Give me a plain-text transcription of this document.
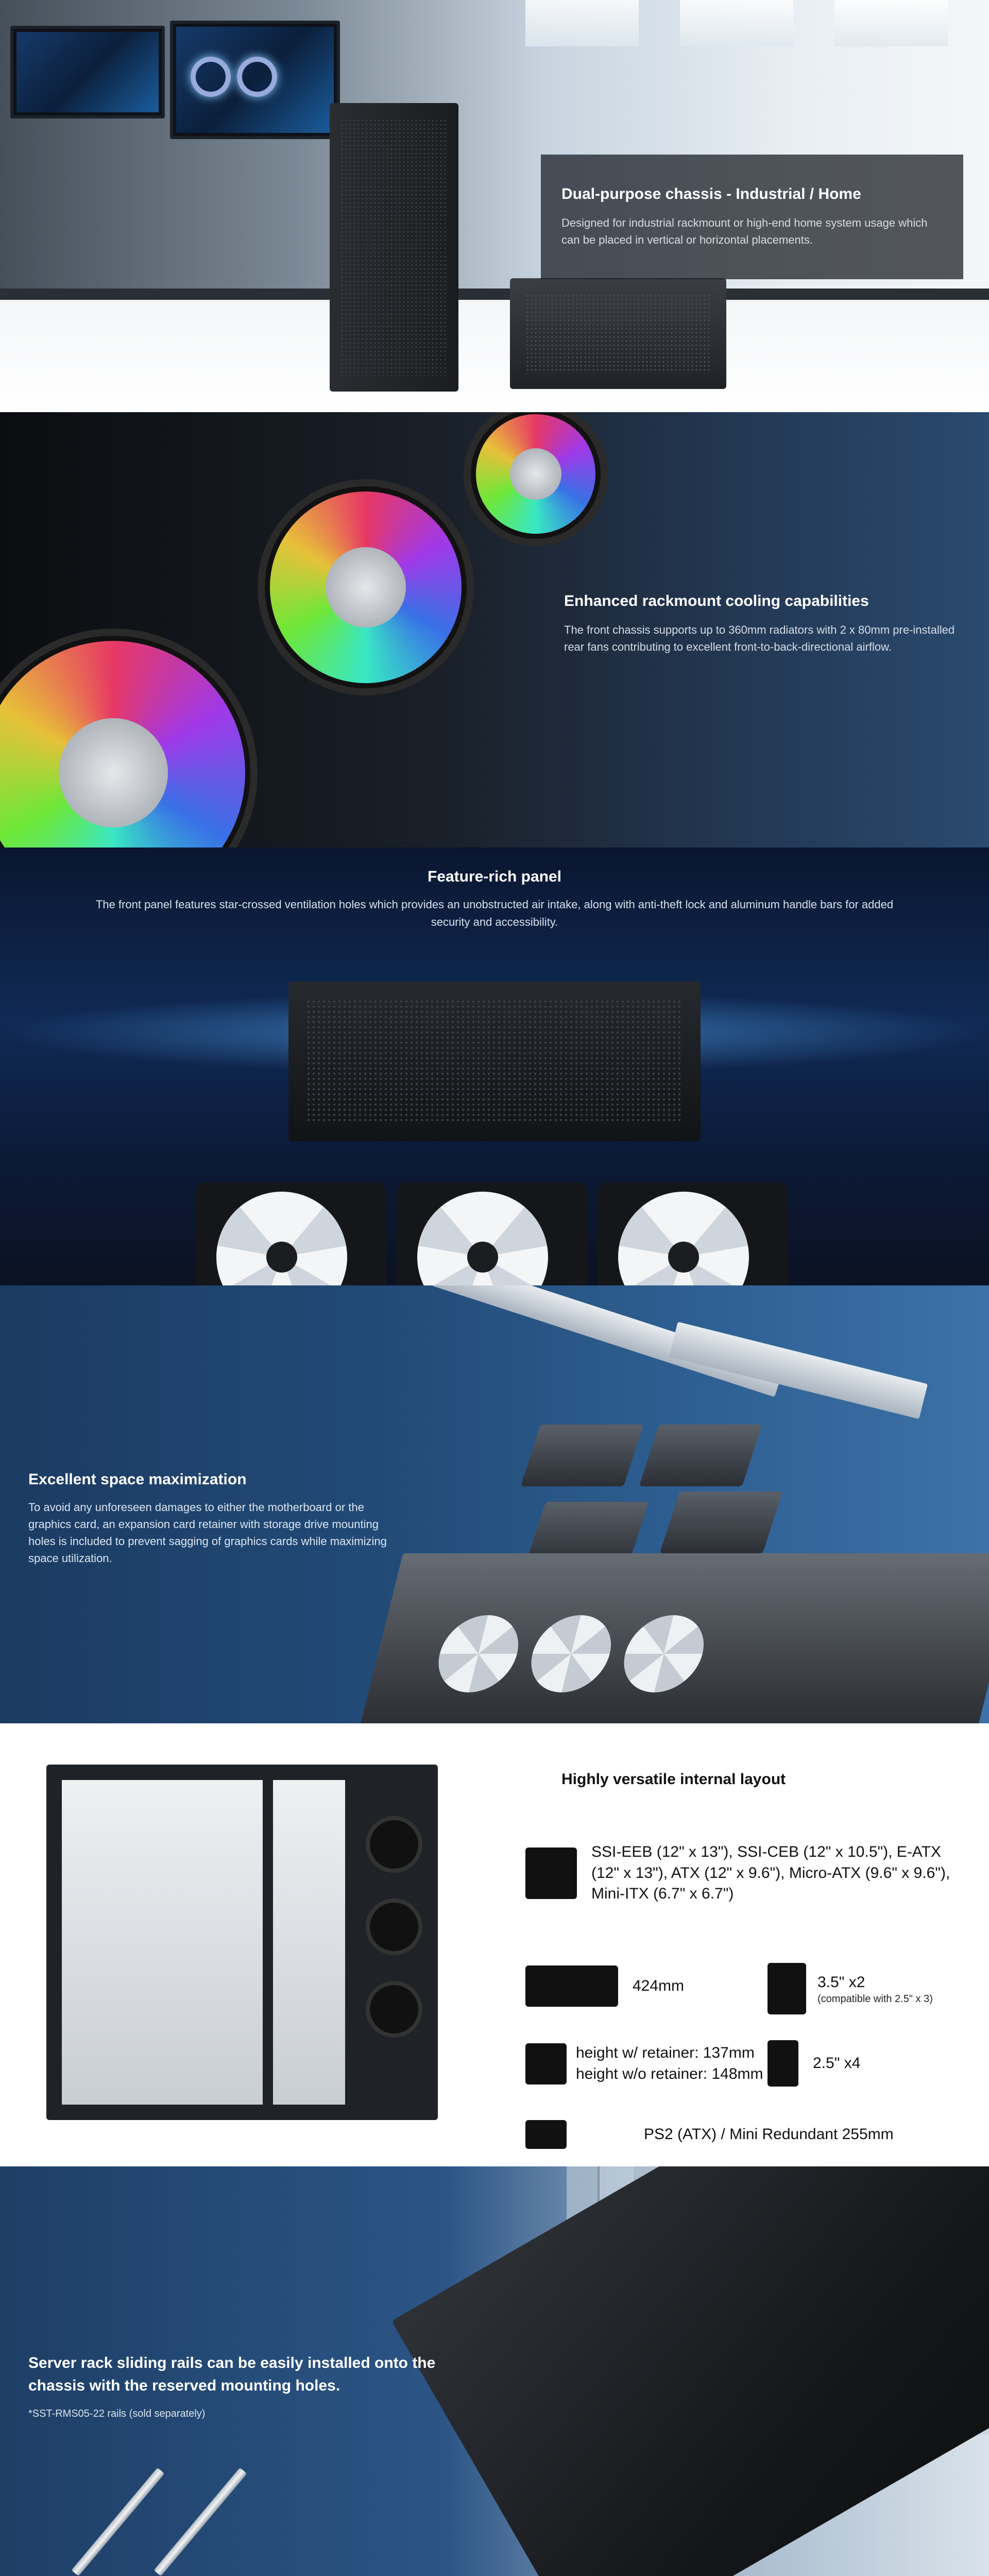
Dual-purpose chassis - Industrial / Home

Designed for industrial rackmount or high-end home system usage which can be placed in vertical or horizontal placements.

Enhanced rackmount cooling capabilities

The front chassis supports up to 360mm radiators with 2 x 80mm pre-installed rear fans contributing to excellent front-to-back-directional airflow.

Feature-rich panel

The front panel features star-crossed ventilation holes which provides an unobstructed air intake, along with anti-theft lock and aluminum handle bars for added security and accessibility.

Excellent space maximization

To avoid any unforeseen damages to either the motherboard or the graphics card, an expansion card retainer with storage drive mounting holes is included to prevent sagging of graphics cards while maximizing space utilization.

Highly versatile internal layout
SSI-EEB (12" x 13"), SSI-CEB (12" x 10.5"), E-ATX (12" x 13"), ATX (12" x 9.6"), Micro-ATX (9.6" x 9.6"), Mini-ITX (6.7" x 6.7")
424mm	3.5" x2
(compatible with 2.5" x 3)
height w/ retainer: 137mm
height w/o retainer: 148mm
2.5" x4
PS2 (ATX) / Mini Redundant 255mm
Server rack sliding rails can be easily installed onto the chassis with the reserved mounting holes.

*SST-RMS05-22 rails (sold separately)
